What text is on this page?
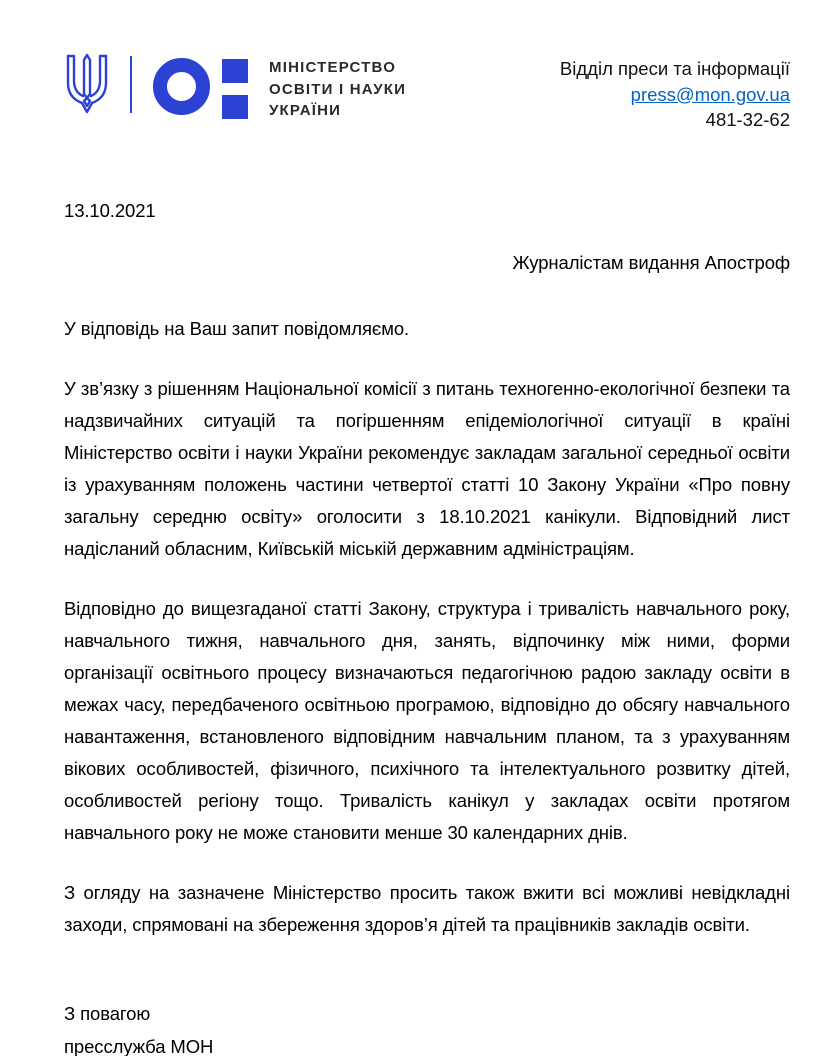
МІНІСТЕРСТВО
ОСВІТИ І НАУКИ
УКРАЇНИ
Відділ преси та інформації
press@mon.gov.ua
481-32-62
13.10.2021
Журналістам видання Апостроф

У відповідь на Ваш запит повідомляємо.

У зв’язку з рішенням Національної комісії з питань техногенно-екологічної безпеки та надзвичайних ситуацій та погіршенням епідеміологічної ситуації в країні Міністерство освіти і науки України рекомендує закладам загальної середньої освіти із урахуванням положень частини четвертої статті 10 Закону України «Про повну загальну середню освіту» оголосити з 18.10.2021 канікули. Відповідний лист надісланий обласним, Київській міській державним адміністраціям.

Відповідно до вищезгаданої статті Закону, структура і тривалість навчального року, навчального тижня, навчального дня, занять, відпочинку між ними, форми організації освітнього процесу визначаються педагогічною радою закладу освіти в межах часу, передбаченого освітньою програмою, відповідно до обсягу навчального навантаження, встановленого відповідним навчальним планом, та з урахуванням вікових особливостей, фізичного, психічного та інтелектуального розвитку дітей, особливостей регіону тощо. Тривалість канікул у закладах освіти протягом навчального року не може становити менше 30 календарних днів.

З огляду на зазначене Міністерство просить також вжити всі можливі невідкладні заходи, спрямовані на збереження здоров’я дітей та працівників закладів освіти.

З повагою
пресслужба МОН
